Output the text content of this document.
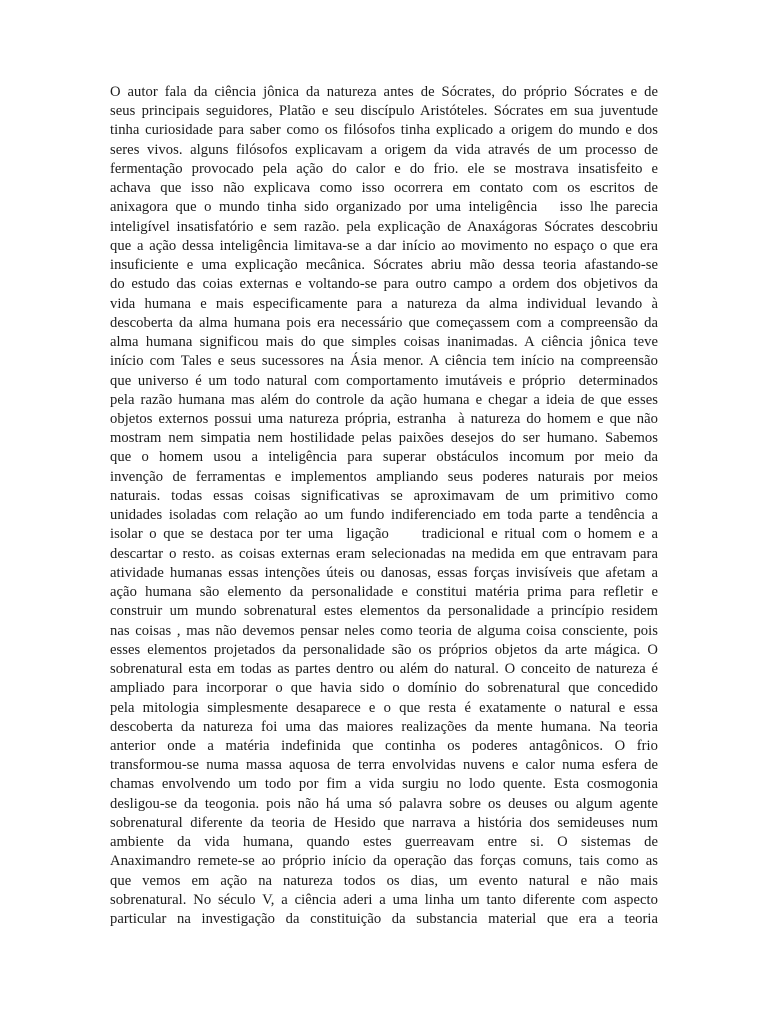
O autor fala da ciência jônica da natureza antes de Sócrates, do próprio Sócrates e de
seus principais seguidores, Platão e seu discípulo Aristóteles. Sócrates em sua juventude
tinha curiosidade para saber como os filósofos tinha explicado a origem do mundo e dos
seres vivos. alguns filósofos explicavam a origem da vida através de um processo de
fermentação provocado pela ação do calor e do frio. ele se mostrava insatisfeito e
achava que isso não explicava como isso ocorrera em contato com os escritos de
anixagora que o mundo tinha sido organizado por uma inteligência   isso lhe parecia
inteligível insatisfatório e sem razão. pela explicação de Anaxágoras Sócrates descobriu
que a ação dessa inteligência limitava-se a dar início ao movimento no espaço o que era
insuficiente e uma explicação mecânica. Sócrates abriu mão dessa teoria afastando-se
do estudo das coias externas e voltando-se para outro campo a ordem dos objetivos da
vida humana e mais especificamente para a natureza da alma individual levando à
descoberta da alma humana pois era necessário que começassem com a compreensão da
alma humana significou mais do que simples coisas inanimadas. A ciência jônica teve
início com Tales e seus sucessores na Ásia menor. A ciência tem início na compreensão
que universo é um todo natural com comportamento imutáveis e próprio  determinados
pela razão humana mas além do controle da ação humana e chegar a ideia de que esses
objetos externos possui uma natureza própria, estranha  à natureza do homem e que não
mostram nem simpatia nem hostilidade pelas paixões desejos do ser humano. Sabemos
que o homem usou a inteligência para superar obstáculos incomum por meio da
invenção de ferramentas e implementos ampliando seus poderes naturais por meios
naturais. todas essas coisas significativas se aproximavam de um primitivo como
unidades isoladas com relação ao um fundo indiferenciado em toda parte a tendência a
isolar o que se destaca por ter uma  ligação     tradicional e ritual com o homem e a
descartar o resto. as coisas externas eram selecionadas na medida em que entravam para
atividade humanas essas intenções úteis ou danosas, essas forças invisíveis que afetam a
ação humana são elemento da personalidade e constitui matéria prima para refletir e
construir um mundo sobrenatural estes elementos da personalidade a princípio residem
nas coisas , mas não devemos pensar neles como teoria de alguma coisa consciente, pois
esses elementos projetados da personalidade são os próprios objetos da arte mágica. O
sobrenatural esta em todas as partes dentro ou além do natural. O conceito de natureza é
ampliado para incorporar o que havia sido o domínio do sobrenatural que concedido
pela mitologia simplesmente desaparece e o que resta é exatamente o natural e essa
descoberta da natureza foi uma das maiores realizações da mente humana. Na teoria
anterior onde a matéria indefinida que continha os poderes antagônicos. O frio
transformou-se numa massa aquosa de terra envolvidas nuvens e calor numa esfera de
chamas envolvendo um todo por fim a vida surgiu no lodo quente. Esta cosmogonia
desligou-se da teogonia. pois não há uma só palavra sobre os deuses ou algum agente
sobrenatural diferente da teoria de Hesido que narrava a história dos semideuses num
ambiente da vida humana, quando estes guerreavam entre si. O sistemas de
Anaximandro remete-se ao próprio início da operação das forças comuns, tais como as
que vemos em ação na natureza todos os dias, um evento natural e não mais
sobrenatural. No século V, a ciência aderi a uma linha um tanto diferente com aspecto
particular na investigação da constituição da substancia material que era a teoria
